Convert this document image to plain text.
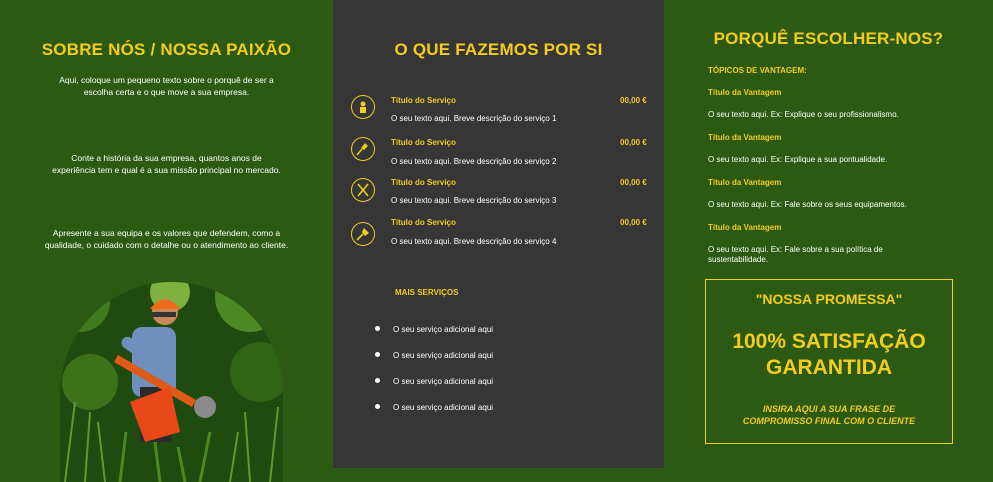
SOBRE NÓS / NOSSA PAIXÃO
Aqui, coloque um pequeno texto sobre o porquê de ser a
escolha certa e o que move a sua empresa.
Conte a história da sua empresa, quantos anos de
experiência tem e qual é a sua missão principal no mercado.
Apresente a sua equipa e os valores que defendem, como a
qualidade, o cuidado com o detalhe ou o atendimento ao cliente.
O QUE FAZEMOS POR SI
Título do Serviço	00,00 €
O seu texto aqui. Breve descrição do serviço 1
Título do Serviço	00,00 €
O seu texto aqui. Breve descrição do serviço 2
Título do Serviço	00,00 €
O seu texto aqui. Breve descrição do serviço 3
Título do Serviço	00,00 €
O seu texto aqui. Breve descrição do serviço 4
MAIS SERVIÇOS
O seu serviço adicional aqui
O seu serviço adicional aqui
O seu serviço adicional aqui
O seu serviço adicional aqui
PORQUÊ ESCOLHER-NOS?
TÓPICOS DE VANTAGEM:
Título da Vantagem
O seu texto aqui. Ex: Explique o seu profissionalismo.
Título da Vantagem
O seu texto aqui. Ex: Explique a sua pontualidade.
Título da Vantagem
O seu texto aqui. Ex: Fale sobre os seus equipamentos.
Título da Vantagem
O seu texto aqui. Ex: Fale sobre a sua política de
sustentabilidade.
"NOSSA PROMESSA"
100% SATISFAÇÃO
GARANTIDA
INSIRA AQUI A SUA FRASE DE
COMPROMISSO FINAL COM O CLIENTE
